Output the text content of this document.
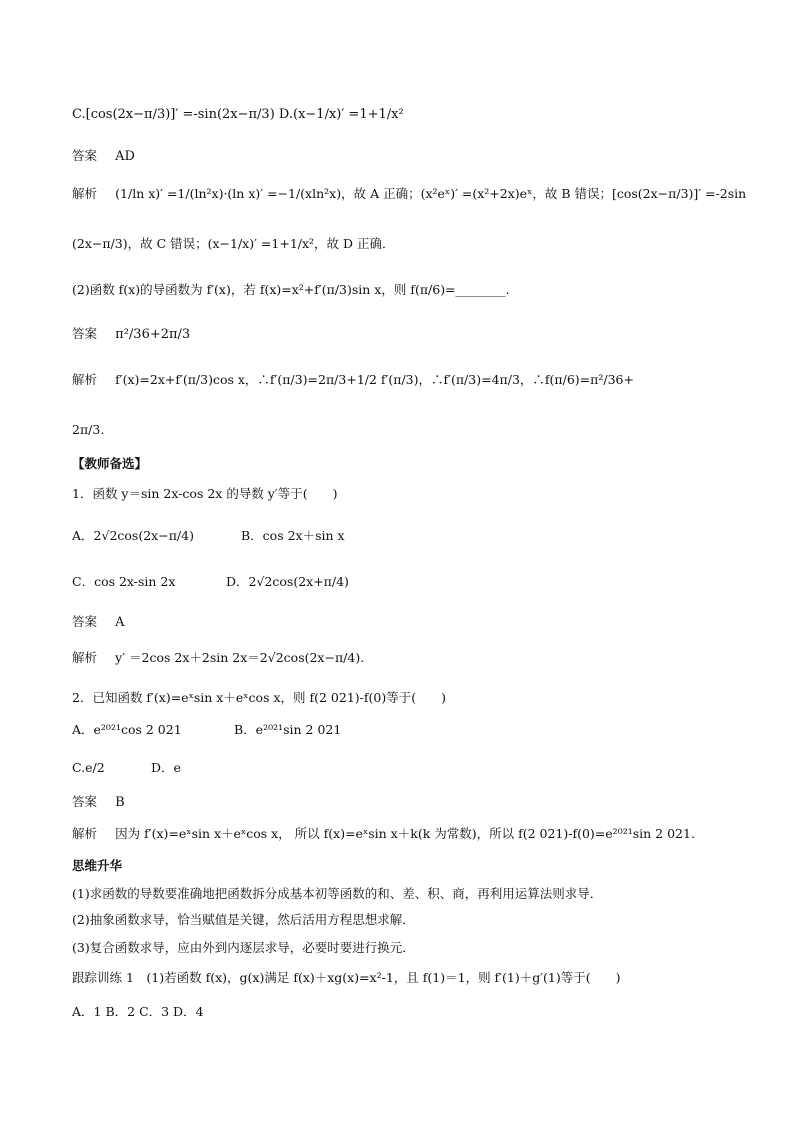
C.[cos(2x−π/3)]′ =-sin(2x−π/3) D.(x−1/x)′ =1+1/x²
答案 AD
解析 (1/ln x)′ =1/(ln²x)·(ln x)′ =−1/(xln²x)，故 A 正确；(x²eˣ)′ =(x²+2x)eˣ，故 B 错误；[cos(2x−π/3)]′ =-2sin
(2x−π/3)，故 C 错误；(x−1/x)′ =1+1/x²，故 D 正确．
(2)函数 f(x)的导函数为 f′(x)，若 f(x)=x²+f′(π/3)sin x，则 f(π/6)=________.
答案 π²/36+2π/3
解析 f′(x)=2x+f′(π/3)cos x，∴f′(π/3)=2π/3+1/2 f′(π/3)，∴f′(π/3)=4π/3，∴f(π/6)=π²/36+
2π/3.
【教师备选】
1．函数 y＝sin 2x-cos 2x 的导数 y′等于(　　)
A．2√2cos(2x−π/4)	B．cos 2x＋sin x
C．cos 2x-sin 2x	D．2√2cos(2x+π/4)
答案 A
解析 y′ ＝2cos 2x＋2sin 2x＝2√2cos(2x−π/4).
2．已知函数 f′(x)=eˣsin x＋eˣcos x，则 f(2 021)-f(0)等于(　　)
A．e²⁰²¹cos 2 021	B．e²⁰²¹sin 2 021
C.e/2	D．e
答案 B
解析 因为 f′(x)=eˣsin x＋eˣcos x， 所以 f(x)=eˣsin x＋k(k 为常数)，所以 f(2 021)-f(0)=e²⁰²¹sin 2 021.
思维升华
(1)求函数的导数要准确地把函数拆分成基本初等函数的和、差、积、商，再利用运算法则求导．
(2)抽象函数求导，恰当赋值是关键，然后活用方程思想求解．
(3)复合函数求导，应由外到内逐层求导，必要时要进行换元．
跟踪训练 1　(1)若函数 f(x)，g(x)满足 f(x)＋xg(x)=x²-1，且 f(1)＝1，则 f′(1)＋g′(1)等于(　　)
A．1 B．2 C．3 D．4
